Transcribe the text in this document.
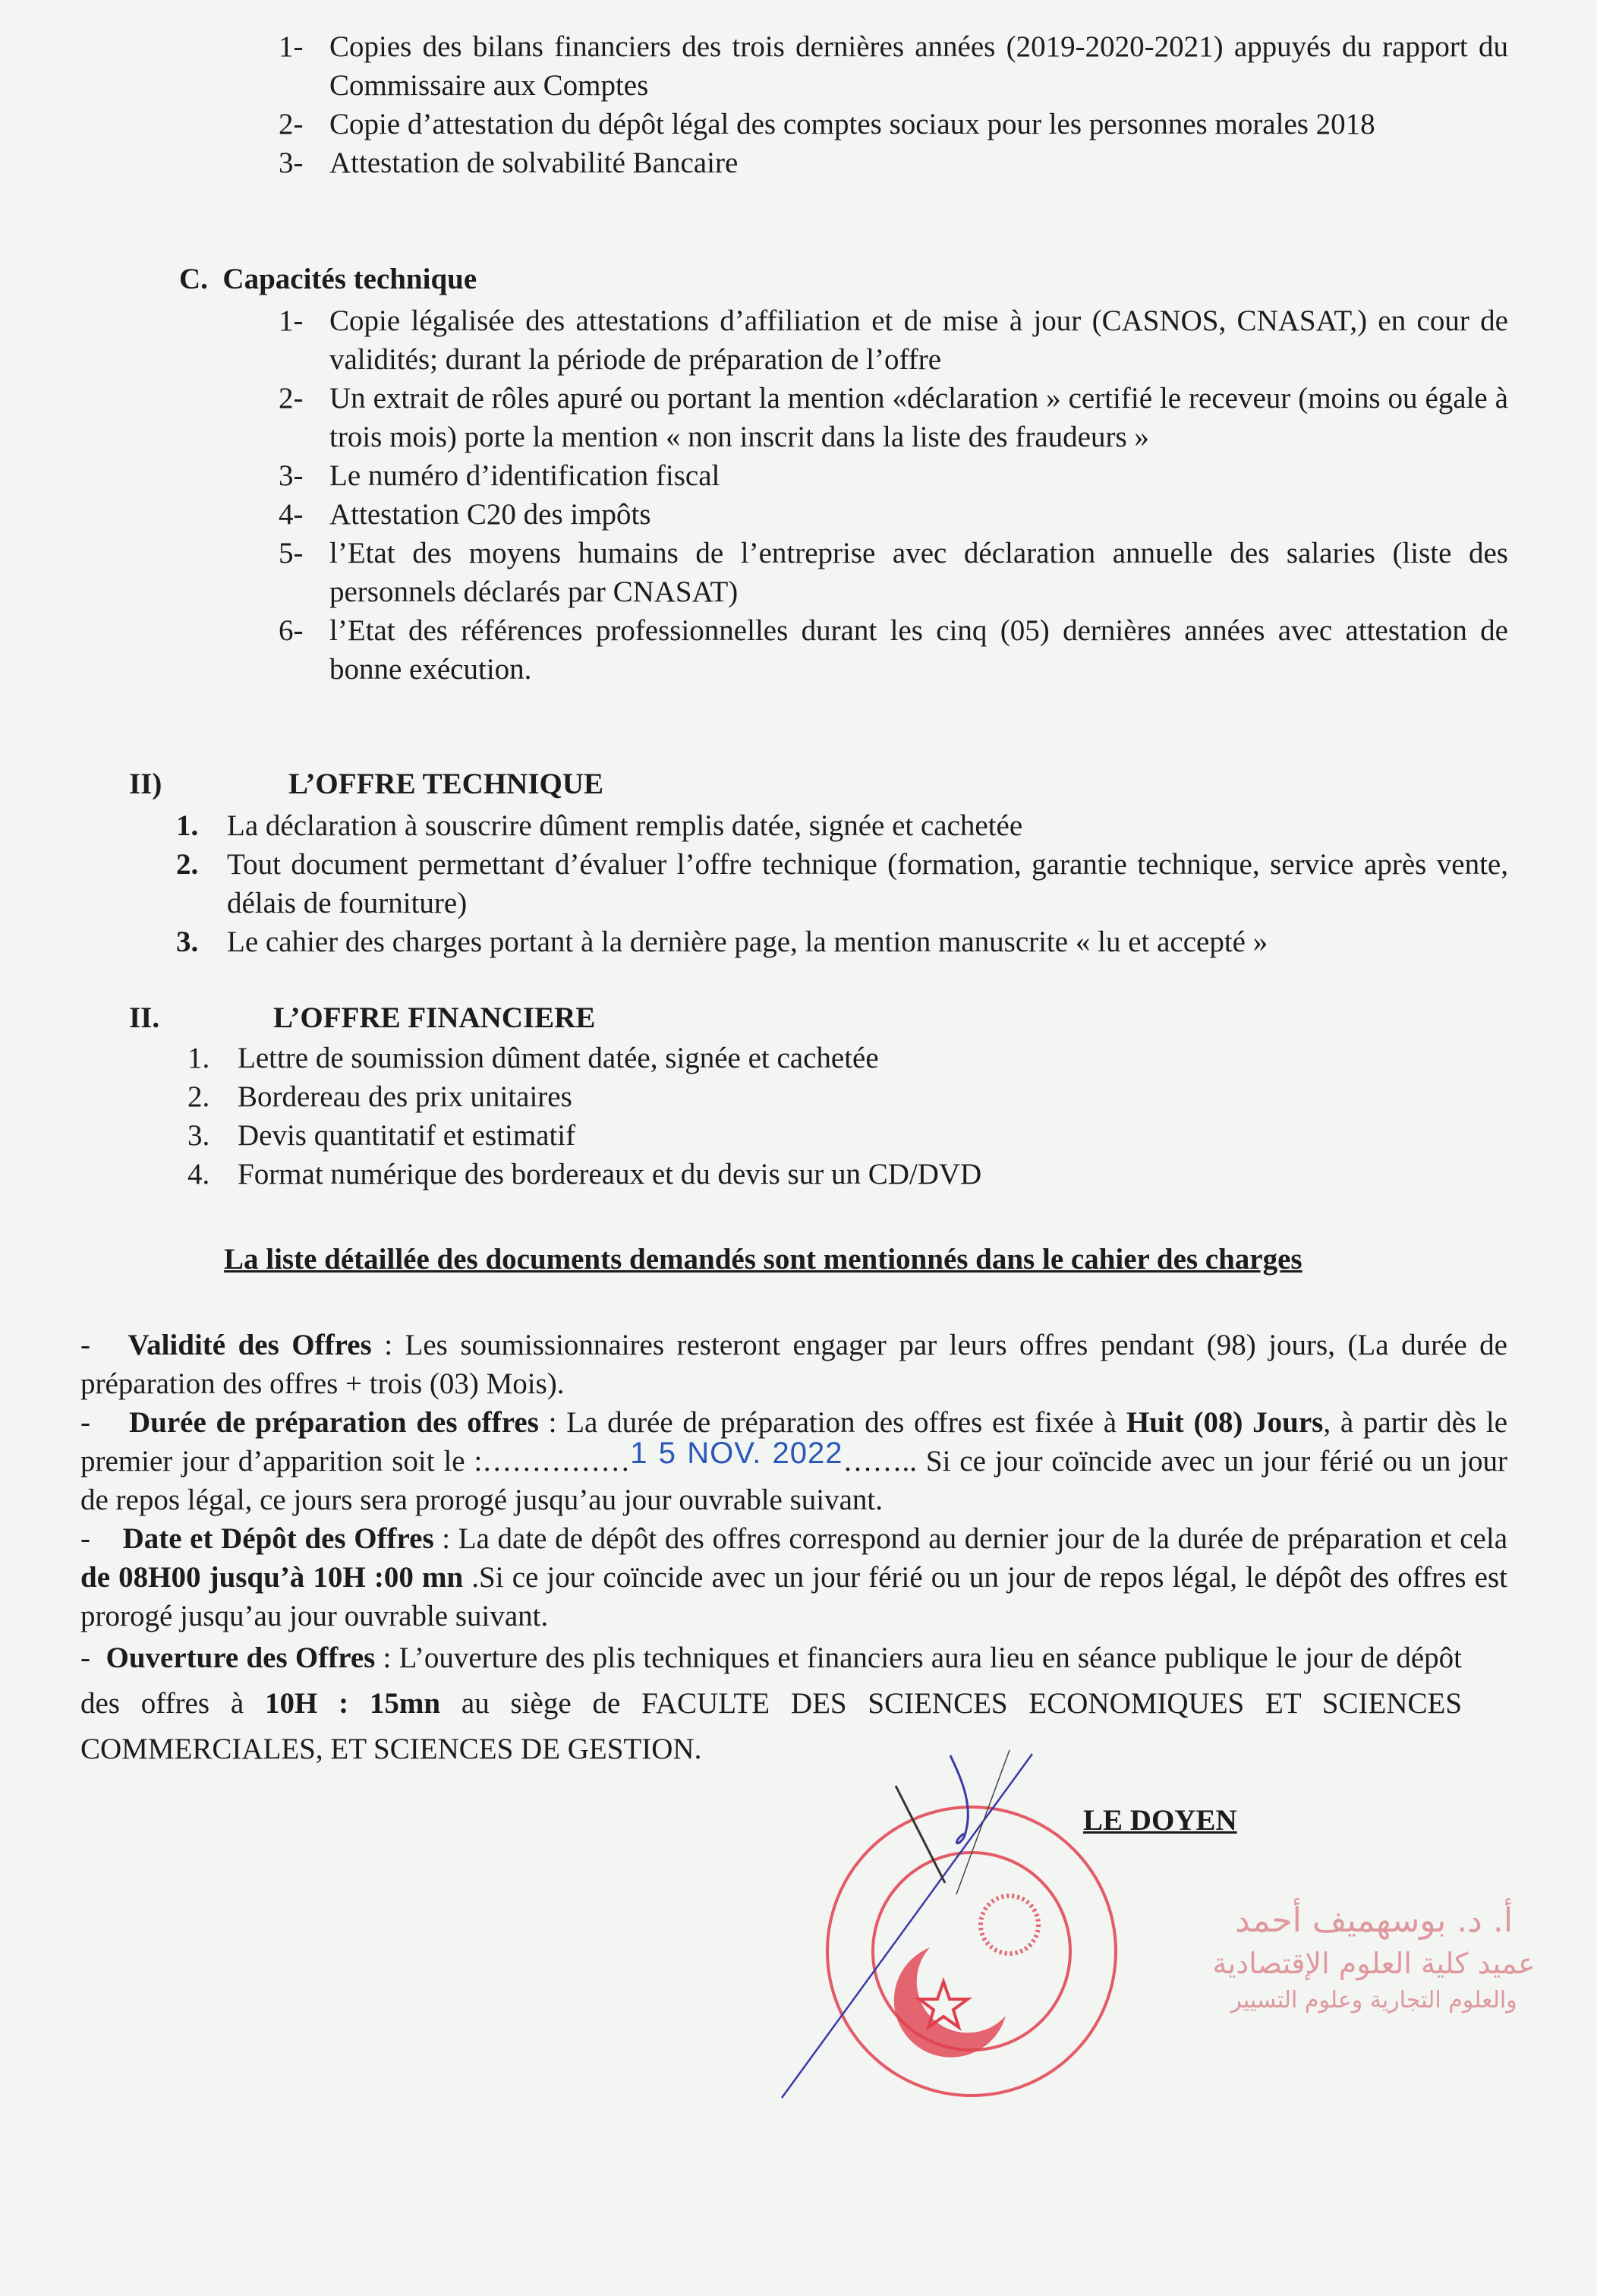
1- Copies des bilans financiers des trois dernières années (2019-2020-2021) appuyés du rapport du Commissaire aux Comptes
2- Copie d’attestation du dépôt légal des comptes sociaux pour les personnes morales 2018
3- Attestation de solvabilité Bancaire
C.  Capacités technique
1- Copie légalisée des attestations d’affiliation et de mise à jour (CASNOS, CNASAT,) en cour de validités; durant la période de préparation de l’offre
2- Un extrait de rôles apuré ou portant la mention «déclaration » certifié le receveur (moins ou égale à trois mois) porte la mention « non inscrit dans la liste des fraudeurs »
3- Le numéro d’identification fiscal
4- Attestation C20 des impôts
5- l’Etat des moyens humains de l’entreprise avec déclaration annuelle des salaries (liste des personnels déclarés par CNASAT)
6- l’Etat des références professionnelles durant les cinq (05) dernières années avec attestation de bonne exécution.
II)	L’OFFRE TECHNIQUE
1. La déclaration à souscrire dûment remplis datée, signée et cachetée
2. Tout document permettant d’évaluer l’offre technique (formation, garantie technique, service après vente, délais de fourniture)
3. Le cahier des charges portant à la dernière page, la mention manuscrite « lu et accepté »
II.	L’OFFRE FINANCIERE
1. Lettre de soumission dûment datée, signée et cachetée
2. Bordereau des prix unitaires
3. Devis quantitatif et estimatif
4. Format numérique des bordereaux et du devis sur un CD/DVD
La liste détaillée des documents demandés sont mentionnés dans le cahier des charges
- Validité des Offres : Les soumissionnaires resteront engager par leurs offres pendant (98) jours, (La durée de préparation des offres + trois (03) Mois).
- Durée de préparation des offres : La durée de préparation des offres est fixée à Huit (08) Jours, à partir dès le premier jour d’apparition soit le :……………1 5 NOV. 2022…….. Si ce jour coïncide avec un jour férié ou un jour de repos légal, ce jours sera prorogé jusqu’au jour ouvrable suivant.
- Date et Dépôt des Offres : La date de dépôt des offres correspond au dernier jour de la durée de préparation et cela de 08H00 jusqu’à 10H :00 mn .Si ce jour coïncide avec un jour férié ou un jour de repos légal, le dépôt des offres est prorogé jusqu’au jour ouvrable suivant.
- Ouverture des Offres : L’ouverture des plis techniques et financiers aura lieu en séance publique le jour de dépôt des offres à 10H : 15mn au siège de FACULTE DES SCIENCES ECONOMIQUES ET SCIENCES COMMERCIALES, ET SCIENCES DE GESTION.
LE DOYEN
أ. د. بوسهميف أحمد
عميد كلية العلوم الإقتصادية
والعلوم التجارية وعلوم التسيير
